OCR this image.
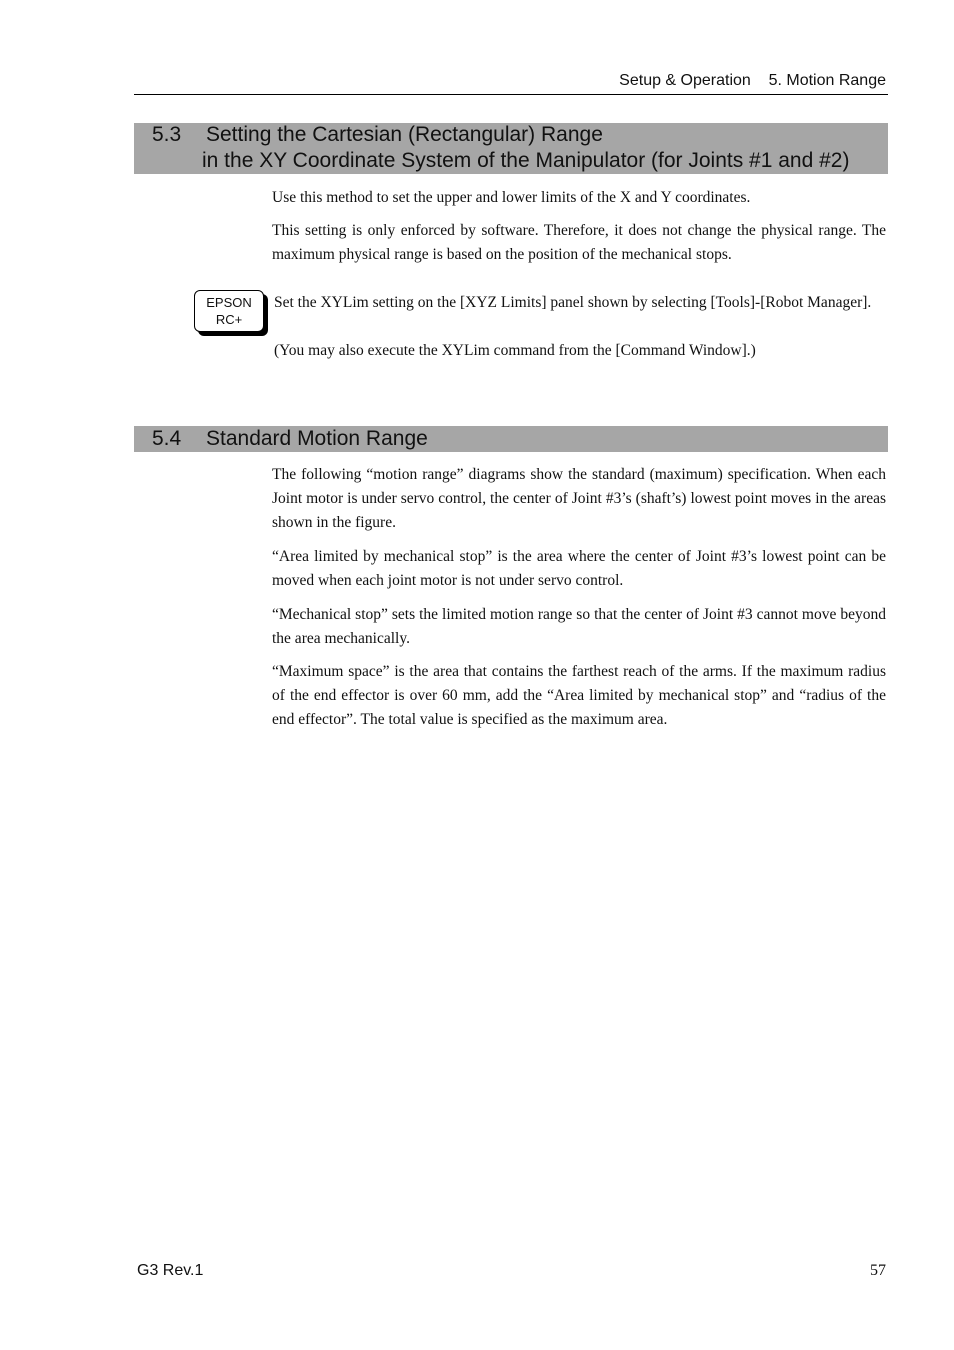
Setup & Operation    5. Motion Range
5.3 Setting the Cartesian (Rectangular) Range
in the XY Coordinate System of the Manipulator (for Joints #1 and #2)

Use this method to set the upper and lower limits of the X and Y coordinates.

This setting is only enforced by software. Therefore, it does not change the physical range. The maximum physical range is based on the position of the mechanical stops.

EPSON
RC+

Set the XYLim setting on the [XYZ Limits] panel shown by selecting [Tools]-[Robot Manager].

(You may also execute the XYLim command from the [Command Window].)

5.4 Standard Motion Range

The following “motion range” diagrams show the standard (maximum) specification. When each Joint motor is under servo control, the center of Joint #3’s (shaft’s) lowest point moves in the areas shown in the figure.

“Area limited by mechanical stop” is the area where the center of Joint #3’s lowest point can be moved when each joint motor is not under servo control.

“Mechanical stop” sets the limited motion range so that the center of Joint #3 cannot move beyond the area mechanically.

“Maximum space” is the area that contains the farthest reach of the arms. If the maximum radius of the end effector is over 60 mm, add the “Area limited by mechanical stop” and “radius of the end effector”. The total value is specified as the maximum area.

G3 Rev.1	57
